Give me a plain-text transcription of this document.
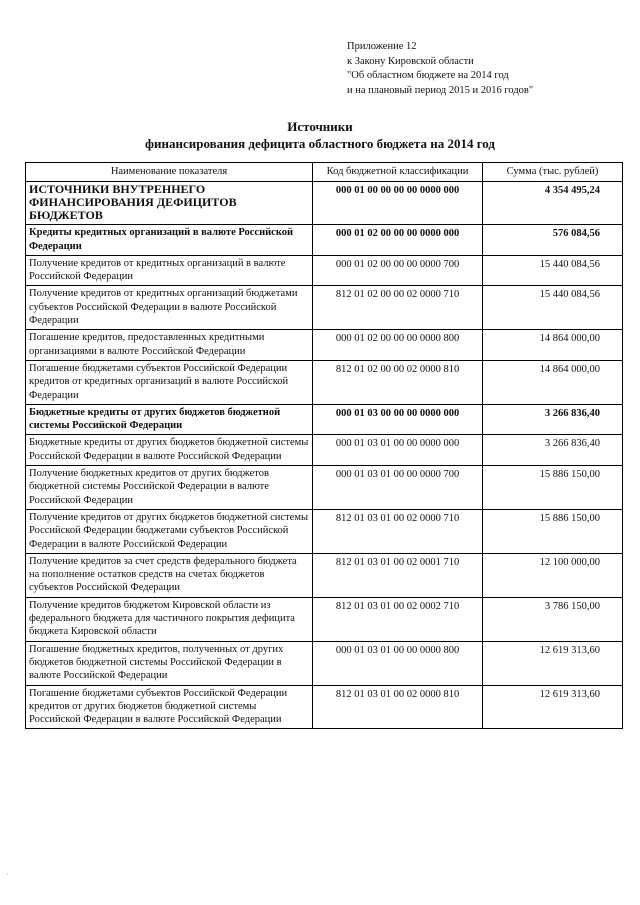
Приложение 12
к Закону Кировской области
"Об областном бюджете на 2014 год
и на плановый период 2015 и 2016 годов"
Источники
финансирования дефицита областного бюджета на 2014 год
Наименование показателя	Код бюджетной классификации	Сумма (тыс. рублей)
ИСТОЧНИКИ ВНУТРЕННЕГО ФИНАНСИРОВАНИЯ ДЕФИЦИТОВ БЮДЖЕТОВ	000 01 00 00 00 00 0000 000	4 354 495,24
Кредиты кредитных организаций в валюте Российской Федерации	000 01 02 00 00 00 0000 000	576 084,56
Получение кредитов от кредитных организаций в валюте Российской Федерации	000 01 02 00 00 00 0000 700	15 440 084,56
Получение кредитов от кредитных организаций бюджетами субъектов Российской Федерации в валюте Российской Федерации	812 01 02 00 00 02 0000 710	15 440 084,56
Погашение кредитов, предоставленных кредитными организациями в валюте Российской Федерации	000 01 02 00 00 00 0000 800	14 864 000,00
Погашение бюджетами субъектов Российской Федерации кредитов от кредитных организаций в валюте Российской Федерации	812 01 02 00 00 02 0000 810	14 864 000,00
Бюджетные кредиты от других бюджетов бюджетной системы Российской Федерации	000 01 03 00 00 00 0000 000	3 266 836,40
Бюджетные кредиты от других бюджетов бюджетной системы Российской Федерации в валюте Российской Федерации	000 01 03 01 00 00 0000 000	3 266 836,40
Получение бюджетных кредитов от других бюджетов бюджетной системы Российской Федерации в валюте Российской Федерации	000 01 03 01 00 00 0000 700	15 886 150,00
Получение кредитов от других бюджетов бюджетной системы Российской Федерации бюджетами субъектов Российской Федерации в валюте Российской Федерации	812 01 03 01 00 02 0000 710	15 886 150,00
Получение кредитов за счет средств федерального бюджета на пополнение остатков средств на счетах бюджетов субъектов Российской Федерации	812 01 03 01 00 02 0001 710	12 100 000,00
Получение кредитов бюджетом Кировской области из федерального бюджета для частичного покрытия дефицита бюджета Кировской области	812 01 03 01 00 02 0002 710	3 786 150,00
Погашение бюджетных кредитов, полученных от других бюджетов бюджетной системы Российской Федерации в валюте Российской Федерации	000 01 03 01 00 00 0000 800	12 619 313,60
Погашение бюджетами субъектов Российской Федерации кредитов от других бюджетов бюджетной системы Российской Федерации в валюте Российской Федерации	812 01 03 01 00 02 0000 810	12 619 313,60
·
